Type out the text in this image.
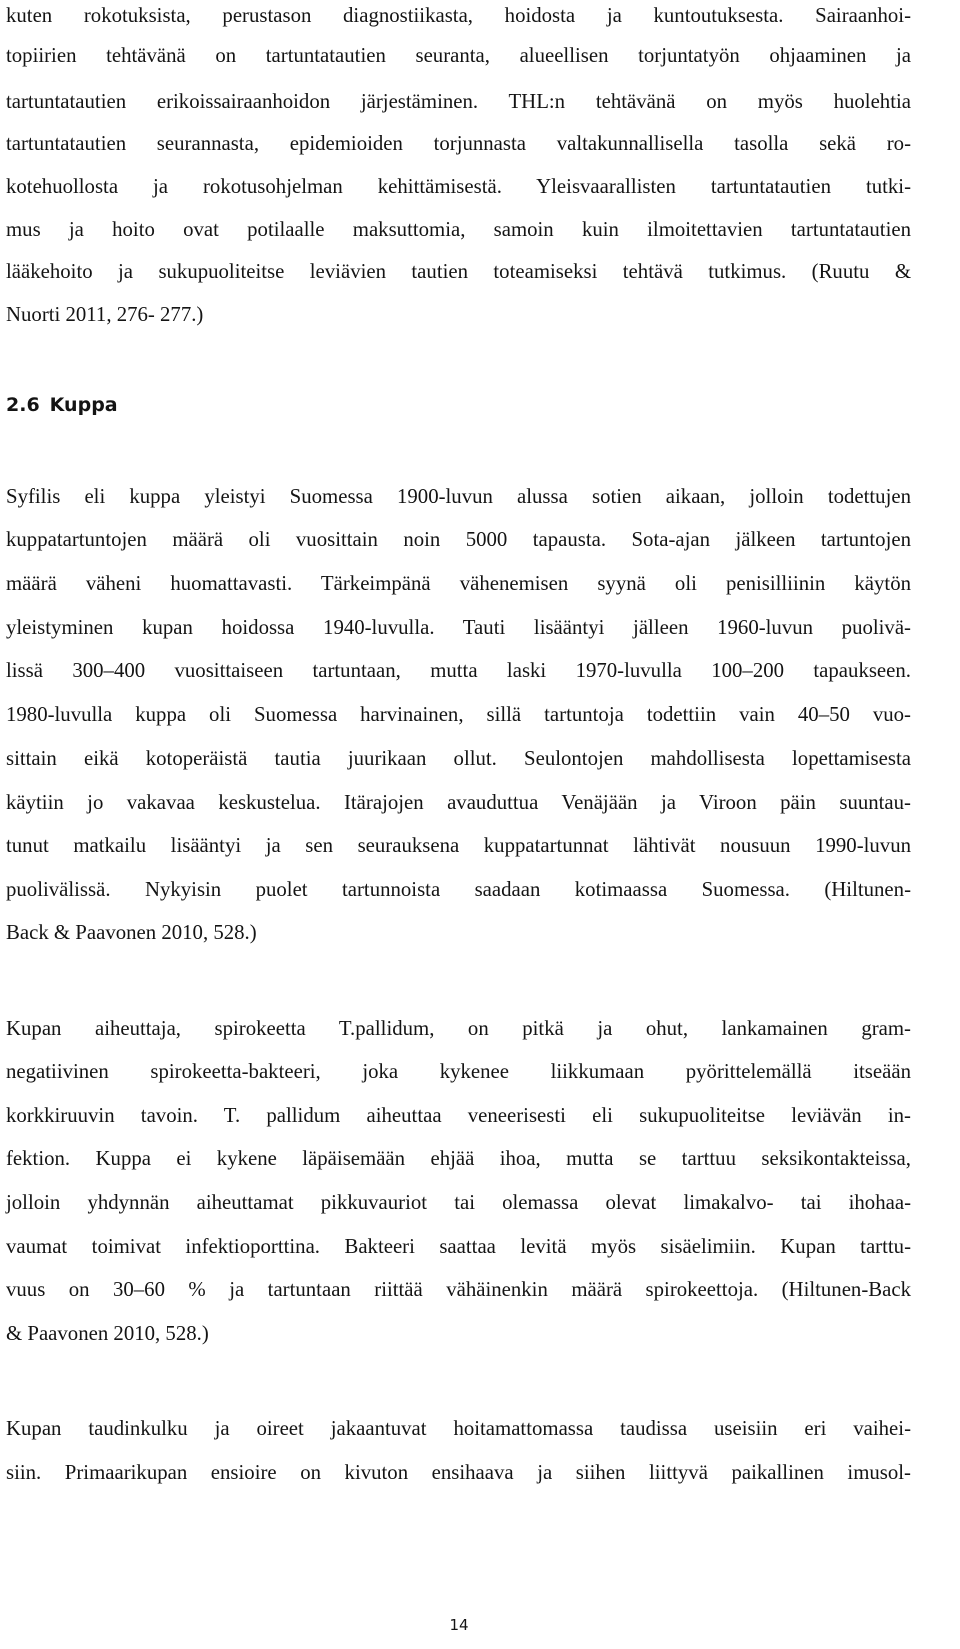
kuten rokotuksista, perustason diagnostiikasta, hoidosta ja kuntoutuksesta. Sairaanhoi-

topiirien tehtävänä on tartuntatautien seuranta, alueellisen torjuntatyön ohjaaminen ja

tartuntatautien erikoissairaanhoidon järjestäminen. THL:n tehtävänä on myös huolehtia

tartuntatautien seurannasta, epidemioiden torjunnasta valtakunnallisella tasolla sekä ro-

kotehuollosta ja rokotusohjelman kehittämisestä. Yleisvaarallisten tartuntatautien tutki-

mus ja hoito ovat potilaalle maksuttomia, samoin kuin ilmoitettavien tartuntatautien

lääkehoito ja sukupuoliteitse leviävien tautien toteamiseksi tehtävä tutkimus. (Ruutu &

Nuorti 2011, 276- 277.)

2.6 Kuppa

Syfilis eli kuppa yleistyi Suomessa 1900-luvun alussa sotien aikaan, jolloin todettujen

kuppatartuntojen määrä oli vuosittain noin 5000 tapausta. Sota-ajan jälkeen tartuntojen

määrä väheni huomattavasti. Tärkeimpänä vähenemisen syynä oli penisilliinin käytön

yleistyminen kupan hoidossa 1940-luvulla. Tauti lisääntyi jälleen 1960-luvun puolivä-

lissä 300–400 vuosittaiseen tartuntaan, mutta laski 1970-luvulla 100–200 tapaukseen.

1980-luvulla kuppa oli Suomessa harvinainen, sillä tartuntoja todettiin vain 40–50 vuo-

sittain eikä kotoperäistä tautia juurikaan ollut. Seulontojen mahdollisesta lopettamisesta

käytiin jo vakavaa keskustelua. Itärajojen avauduttua Venäjään ja Viroon päin suuntau-

tunut matkailu lisääntyi ja sen seurauksena kuppatartunnat lähtivät nousuun 1990-luvun

puolivälissä. Nykyisin puolet tartunnoista saadaan kotimaassa Suomessa. (Hiltunen-

Back & Paavonen 2010, 528.)

Kupan aiheuttaja, spirokeetta T.pallidum, on pitkä ja ohut, lankamainen gram-

negatiivinen spirokeetta-bakteeri, joka kykenee liikkumaan pyörittelemällä itseään

korkkiruuvin tavoin. T. pallidum aiheuttaa veneerisesti eli sukupuoliteitse leviävän in-

fektion. Kuppa ei kykene läpäisemään ehjää ihoa, mutta se tarttuu seksikontakteissa,

jolloin yhdynnän aiheuttamat pikkuvauriot tai olemassa olevat limakalvo- tai ihohaa-

vaumat toimivat infektioporttina. Bakteeri saattaa levitä myös sisäelimiin. Kupan tarttu-

vuus on 30–60 % ja tartuntaan riittää vähäinenkin määrä spirokeettoja. (Hiltunen-Back

& Paavonen 2010, 528.)

Kupan taudinkulku ja oireet jakaantuvat hoitamattomassa taudissa useisiin eri vaihei-

siin. Primaarikupan ensioire on kivuton ensihaava ja siihen liittyvä paikallinen imusol-

14
